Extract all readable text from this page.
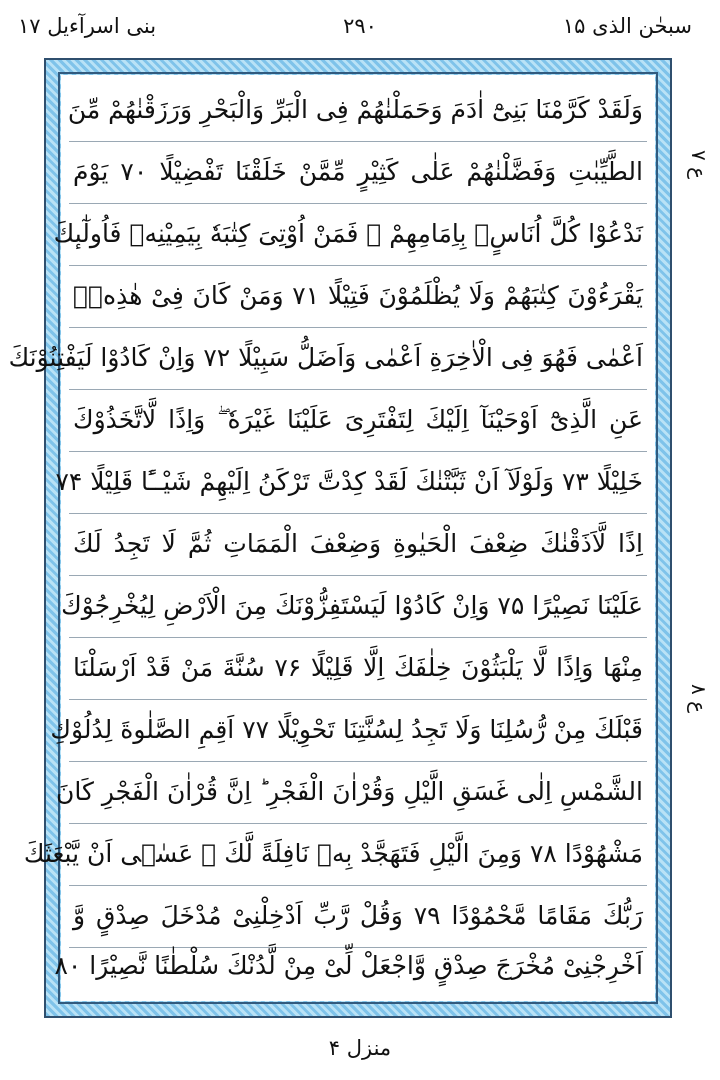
سبحٰن الذی ۱۵
۲۹۰
بنی اسرآءیل ۱۷
ع ۷
ع ۸
وَلَقَدْ كَرَّمْنَا بَنِیْٓ اٰدَمَ وَحَمَلْنٰهُمْ فِی الْبَرِّ وَالْبَحْرِ وَرَزَقْنٰهُمْ مِّنَ
الطَّیِّبٰتِ وَفَضَّلْنٰهُمْ عَلٰى كَثِیْرٍ مِّمَّنْ خَلَقْنَا تَفْضِیْلًا ۷۰ یَوْمَ
نَدْعُوْا كُلَّ اُنَاسٍۭ بِاِمَامِهِمْ ۚ فَمَنْ اُوْتِیَ كِتٰبَهٗ بِیَمِیْنِهٖ فَاُولٰٓىٕكَ
یَقْرَءُوْنَ كِتٰبَهُمْ وَلَا یُظْلَمُوْنَ فَتِیْلًا ۷۱ وَمَنْ كَانَ فِیْ هٰذِهٖۤ
اَعْمٰى فَهُوَ فِی الْاٰخِرَةِ اَعْمٰى وَاَضَلُّ سَبِیْلًا ۷۲ وَاِنْ كَادُوْا لَیَفْتِنُوْنَكَ
عَنِ الَّذِیْٓ اَوْحَیْنَآ اِلَیْكَ لِتَفْتَرِیَ عَلَیْنَا غَیْرَهٗ ۖ وَاِذًا لَّاتَّخَذُوْكَ
خَلِیْلًا ۷۳ وَلَوْلَآ اَنْ ثَبَّتْنٰكَ لَقَدْ كِدْتَّ تَرْكَنُ اِلَیْهِمْ شَیْــًٔا قَلِیْلًا ۷۴
اِذًا لَّاَذَقْنٰكَ ضِعْفَ الْحَیٰوةِ وَضِعْفَ الْمَمَاتِ ثُمَّ لَا تَجِدُ لَكَ
عَلَیْنَا نَصِیْرًا ۷۵ وَاِنْ كَادُوْا لَیَسْتَفِزُّوْنَكَ مِنَ الْاَرْضِ لِیُخْرِجُوْكَ
مِنْهَا وَاِذًا لَّا یَلْبَثُوْنَ خِلٰفَكَ اِلَّا قَلِیْلًا ۷۶ سُنَّةَ مَنْ قَدْ اَرْسَلْنَا
قَبْلَكَ مِنْ رُّسُلِنَا وَلَا تَجِدُ لِسُنَّتِنَا تَحْوِیْلًا ۷۷ اَقِمِ الصَّلٰوةَ لِدُلُوْكِ
الشَّمْسِ اِلٰى غَسَقِ الَّیْلِ وَقُرْاٰنَ الْفَجْرِ ؕ اِنَّ قُرْاٰنَ الْفَجْرِ كَانَ
مَشْهُوْدًا ۷۸ وَمِنَ الَّیْلِ فَتَهَجَّدْ بِهٖ نَافِلَةً لَّكَ ۖ عَسٰۤى اَنْ یَّبْعَثَكَ
رَبُّكَ مَقَامًا مَّحْمُوْدًا ۷۹ وَقُلْ رَّبِّ اَدْخِلْنِیْ مُدْخَلَ صِدْقٍ وَّ
اَخْرِجْنِیْ مُخْرَجَ صِدْقٍ وَّاجْعَلْ لِّیْ مِنْ لَّدُنْكَ سُلْطٰنًا نَّصِیْرًا ۸۰
منزل ۴
